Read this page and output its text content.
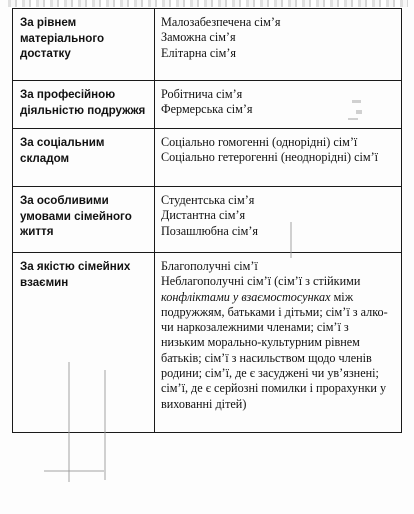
За рівнем матеріального достатку	Малозабезпечена сім’я
Заможна сім’я
Елітарна сім’я

За професійною діяльністю подружжя	Робітнича сім’я
Фермерська сім’я

За соціальним складом	Соціально гомогенні (однорідні) сім’ї
Соціально гетерогенні (неоднорідні) сім’ї

За особливими умовами сімейного життя	Студентська сім’я
Дистантна сім’я
Позашлюбна сім’я

За якістю сімейних взаємин	Благополучні сім’ї
Неблагополучні сім’ї (сім’ї з стійкими конфліктами у взаємостосунках між подружжям, батьками і дітьми; сім’ї з алко- чи наркозалежними членами; сім’ї з низьким морально-культурним рівнем батьків; сім’ї з насильством щодо членів родини; сім’ї, де є засуджені чи ув’язнені; сім’ї, де є серйозні помилки і прорахунки у вихованні дітей)
